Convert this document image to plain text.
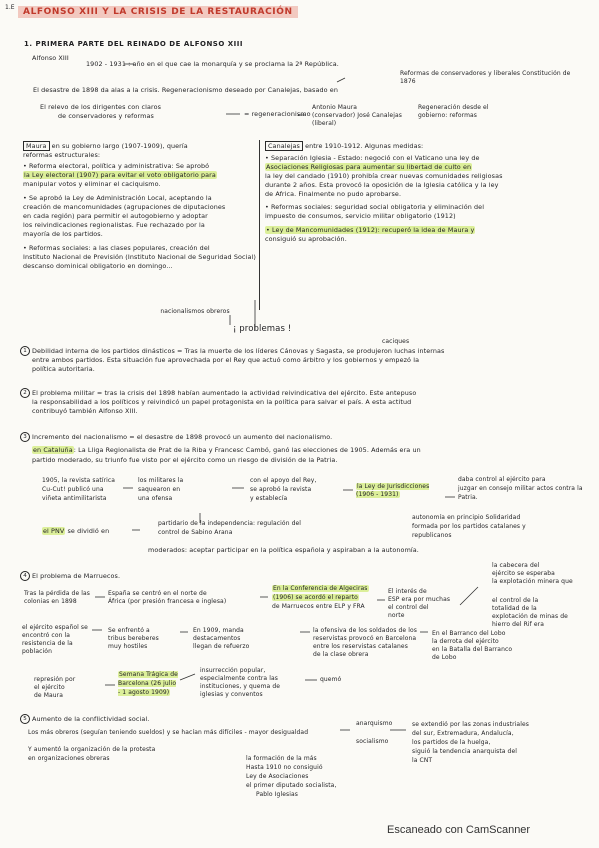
1.E ALFONSO XIII Y LA CRISIS DE LA RESTAURACIÓN
1. PRIMERA PARTE DEL REINADO DE ALFONSO XIII
Alfonso XIII
1902 - 1931 : año en el que cae la monarquía y se proclama la 2ª República.
Reformas de conservadores y liberales Constitución de 1876
El desastre de 1898 da alas a la crisis. Regeneracionismo deseado por Canalejas, basado en
El relevo de los dirigentes con claros
de conservadores y reformas	= regeneracionismo
Antonio Maura (conservador) José Canalejas (liberal)
Regeneración desde el gobierno: reformas
Maura en su gobierno largo (1907-1909), quería
reformas estructurales:
• Reforma electoral, política y administrativa: Se aprobó
la Ley electoral (1907) para evitar el voto obligatorio para
manipular votos y eliminar el caciquismo.
• Se aprobó la Ley de Administración Local, aceptando la
creación de mancomunidades (agrupaciones de diputaciones
en cada región) para permitir el autogobierno y adoptar
los reivindicaciones regionalistas. Fue rechazado por la
mayoría de los partidos.
• Reformas sociales: a las clases populares, creación del
Instituto Nacional de Previsión (Instituto Nacional de Seguridad Social)
descanso dominical obligatorio en domingo...
Canalejas entre 1910-1912. Algunas medidas:
• Separación Iglesia - Estado: negoció con el Vaticano una ley de
Asociaciones Religiosas para aumentar su libertad de culto en
la ley del candado (1910) prohibía crear nuevas comunidades religiosas
durante 2 años. Esta provocó la oposición de la Iglesia católica y la ley
de Africa. Finalmente no pudo aprobarse.
• Reformas sociales: seguridad social obligatoria y eliminación del
impuesto de consumos, servicio militar obligatorio (1912)
• Ley de Mancomunidades (1912): recuperó la idea de Maura y
consiguió su aprobación.
nacionalismos obreros
¡ problemas !
caciques
1 Debilidad interna de los partidos dinásticos = Tras la muerte de los líderes Cánovas y Sagasta, se produjeron luchas internas
entre ambos partidos. Esta situación fue aprovechada por el Rey que actuó como árbitro y los gobiernos y empezó la
política autoritaria.
2 El problema militar = tras la crisis del 1898 habían aumentado la actividad reivindicativa del ejército. Este antepuso
la responsabilidad a los políticos y reivindicó un papel protagonista en la política para salvar el país. A esta actitud
contribuyó también Alfonso XIII.
3 Incremento del nacionalismo = el desastre de 1898 provocó un aumento del nacionalismo.
en Cataluña: La Lliga Regionalista de Prat de la Riba y Francesc Cambó, ganó las elecciones de 1905. Además era un
partido moderado, su triunfo fue visto por el ejército como un riesgo de división de la Patria.
1905, la revista satírica
Cu-Cut! publicó una
viñeta antimilitarista
los militares la
saquearon en
una ofensa
con el apoyo del Rey,
se aprobó la revista
y establecía
la Ley de Jurisdicciones (1906 - 1931)
daba control al ejército para
juzgar en consejo militar actos contra la
Patria.
autonomía en principio Solidaridad
formada por los partidos catalanes y
republicanos
el PNV se dividió en
partidario de la independencia: regulación del
control de Sabino Arana
moderados: aceptar participar en la política española y aspiraban a la autonomía.
4 El problema de Marruecos.
Tras la pérdida de las
colonias en 1898
España se centró en el norte de
África (por presión francesa e inglesa)
En la Conferencia de Algeciras
(1906) se acordó el reparto
de Marruecos entre ELP y FRA
El interés de
ESP era por muchas
el control del
norte
la cabecera del
ejército se esperaba
la explotación minera que
el control de la
totalidad de la
explotación de minas de
hierro del Rif era
el ejército español se
encontró con la
resistencia de la
población
Se enfrentó a
tribus bereberes
muy hostiles
En 1909, manda
destacamentos
llegan de refuerzo
la ofensiva de los soldados de los
reservistas provocó en Barcelona
entre los reservistas catalanes
de la clase obrera
En el Barranco del Lobo
la derrota del ejército
en la Batalla del Barranco
de Lobo
represión por
el ejército
de Maura
Semana Trágica de Barcelona (26 julio - 1 agosto 1909)
insurrección popular,
especialmente contra las
instituciones, y quema de
iglesias y conventos
quemó
5 Aumento de la conflictividad social.
Los más obreros (seguían teniendo sueldos) y se hacían más difíciles - mayor desigualdad
Y aumentó la organización de la protesta
en organizaciones obreras
anarquismo
socialismo
la formación de la más
Hasta 1910 no consiguió
Ley de Asociaciones
el primer diputado socialista,
Pablo Iglesias
se extendió por las zonas industriales
del sur, Extremadura, Andalucía,
los partidos de la huelga,
siguió la tendencia anarquista del
la CNT
Escaneado con CamScanner
